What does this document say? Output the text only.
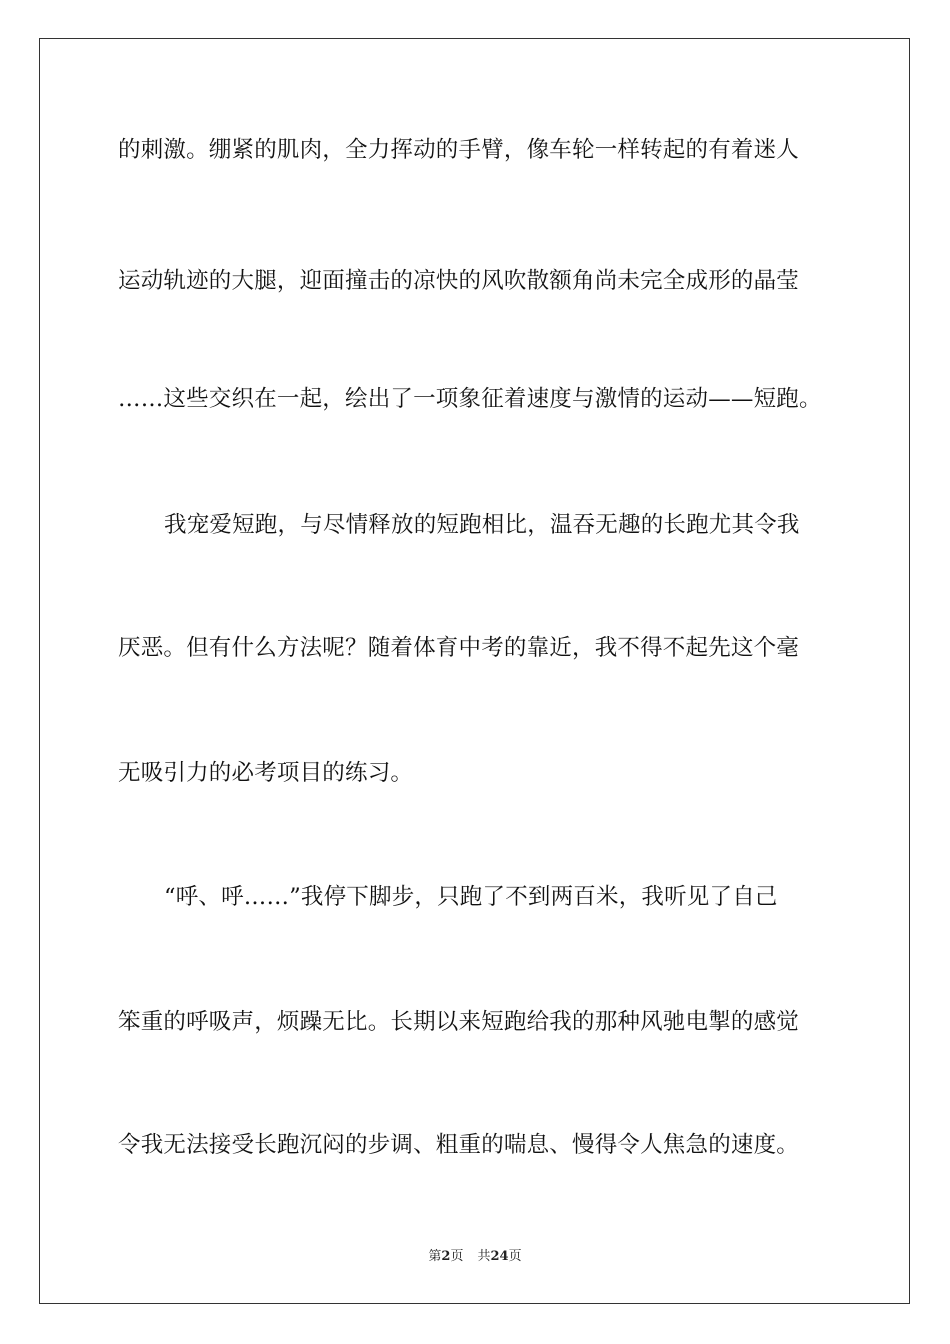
的刺激。绷紧的肌肉，全力挥动的手臂，像车轮一样转起的有着迷人
运动轨迹的大腿，迎面撞击的凉快的风吹散额角尚未完全成形的晶莹
……这些交织在一起，绘出了一项象征着速度与激情的运动——短跑。
我宠爱短跑，与尽情释放的短跑相比，温吞无趣的长跑尤其令我
厌恶。但有什么方法呢？随着体育中考的靠近，我不得不起先这个毫
无吸引力的必考项目的练习。
“呼、呼……”我停下脚步，只跑了不到两百米，我听见了自己
笨重的呼吸声，烦躁无比。长期以来短跑给我的那种风驰电掣的感觉
令我无法接受长跑沉闷的步调、粗重的喘息、慢得令人焦急的速度。
第2页 共24页
